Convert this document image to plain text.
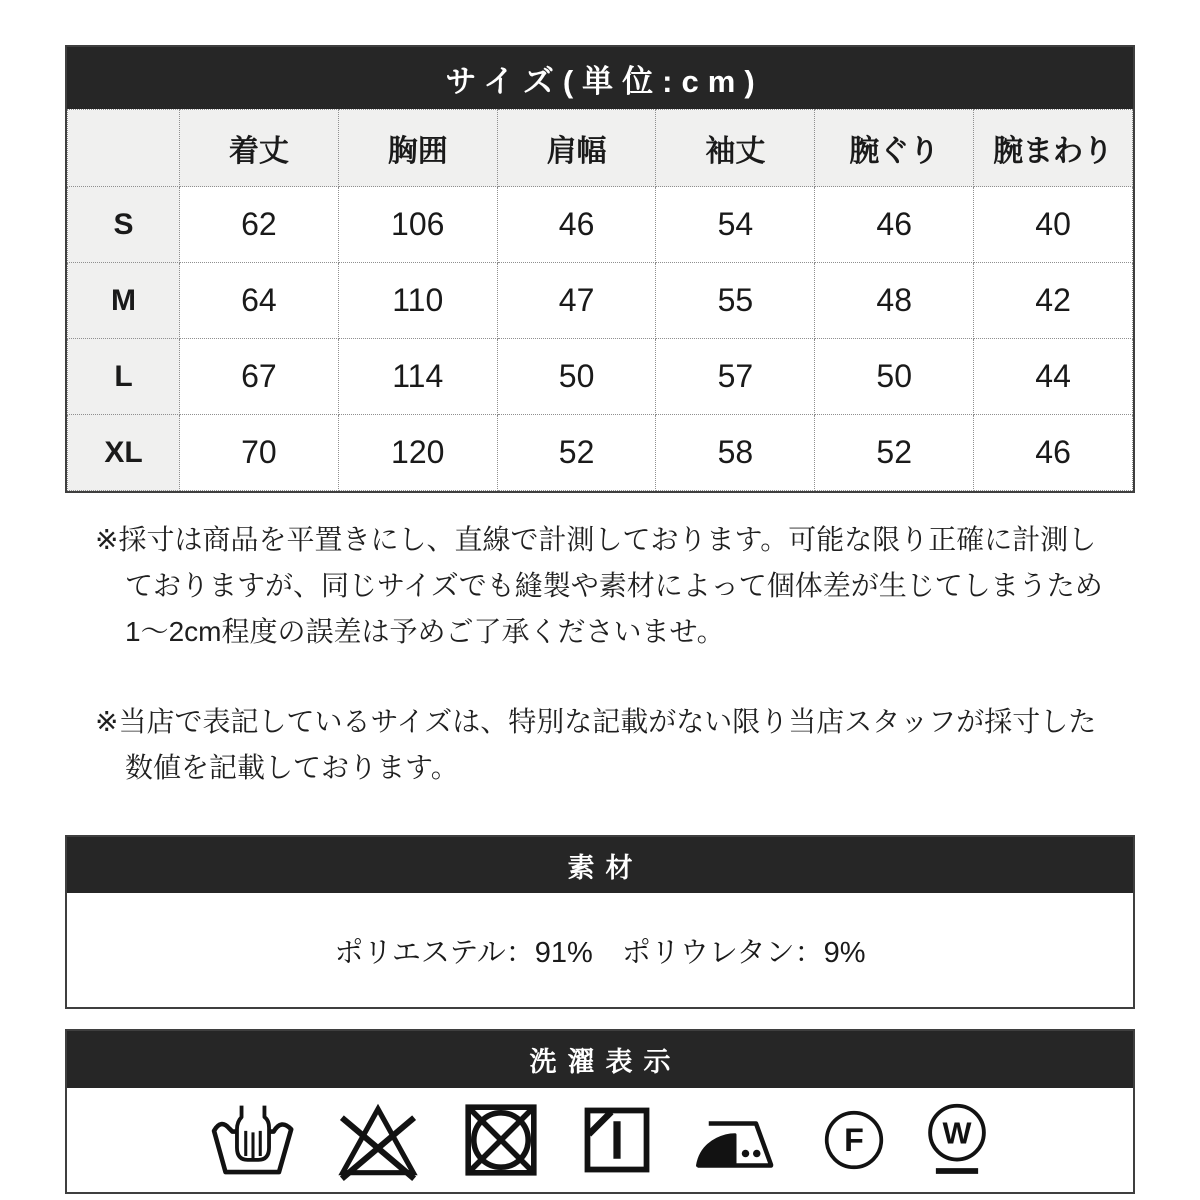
サイズ(単位:cm)
	着丈	胸囲	肩幅	袖丈	腕ぐり	腕まわり
S	62	106	46	54	46	40
M	64	110	47	55	48	42
L	67	114	50	57	50	44
XL	70	120	52	58	52	46
※採寸は商品を平置きにし、直線で計測しております。可能な限り正確に計測し
ておりますが、同じサイズでも縫製や素材によって個体差が生じてしまうため
1〜2cm程度の誤差は予めご了承くださいませ。
※当店で表記しているサイズは、特別な記載がない限り当店スタッフが採寸した
数値を記載しております。
素材
ポリエステル：91%　ポリウレタン：9%
洗濯表示
F W
